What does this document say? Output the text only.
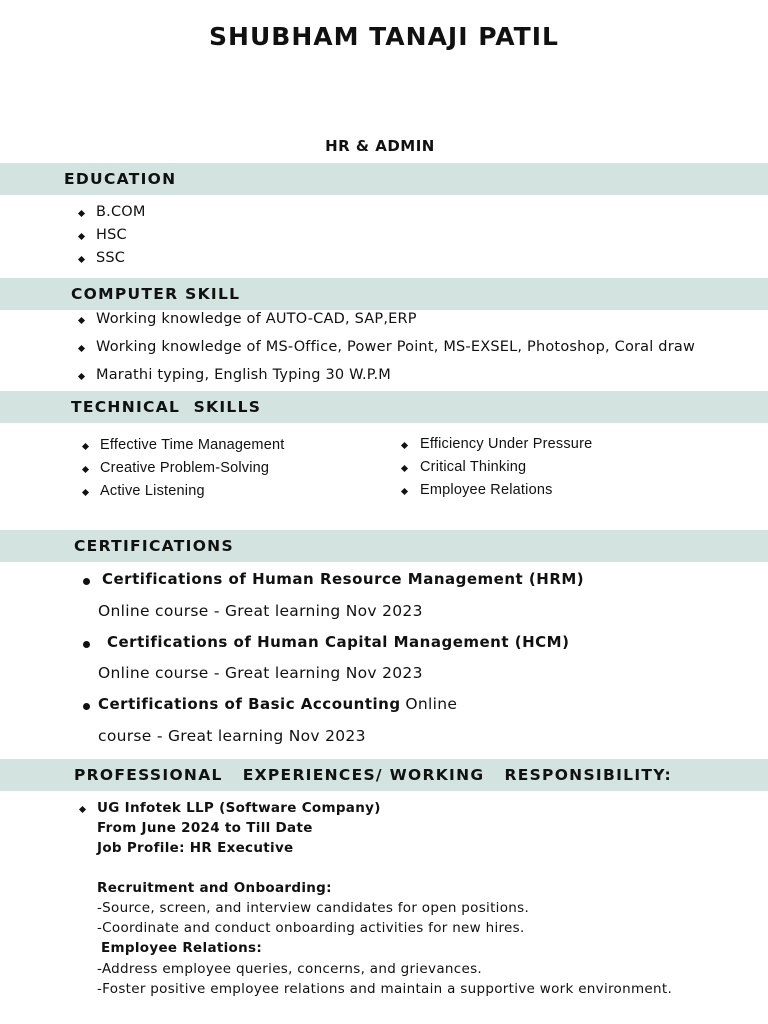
SHUBHAM TANAJI PATIL
HR & ADMIN
EDUCATION
B.COM
HSC
SSC
COMPUTER SKILL
Working knowledge of AUTO-CAD, SAP,ERP
Working knowledge of MS-Office, Power Point, MS-EXSEL, Photoshop, Coral draw
Marathi typing, English Typing 30 W.P.M
TECHNICAL  SKILLS
Effective Time Management
Creative Problem-Solving
Active Listening
Efficiency Under Pressure
Critical Thinking
Employee Relations
CERTIFICATIONS
Certifications of Human Resource Management (HRM)
Online course - Great learning Nov 2023
Certifications of Human Capital Management (HCM)
Online course - Great learning Nov 2023
Certifications of Basic Accounting Online
course - Great learning Nov 2023
PROFESSIONAL   EXPERIENCES/ WORKING   RESPONSIBILITY:
UG Infotek LLP (Software Company)
From June 2024 to Till Date
Job Profile: HR Executive
Recruitment and Onboarding:
-Source, screen, and interview candidates for open positions.
-Coordinate and conduct onboarding activities for new hires.
Employee Relations:
-Address employee queries, concerns, and grievances.
-Foster positive employee relations and maintain a supportive work environment.
